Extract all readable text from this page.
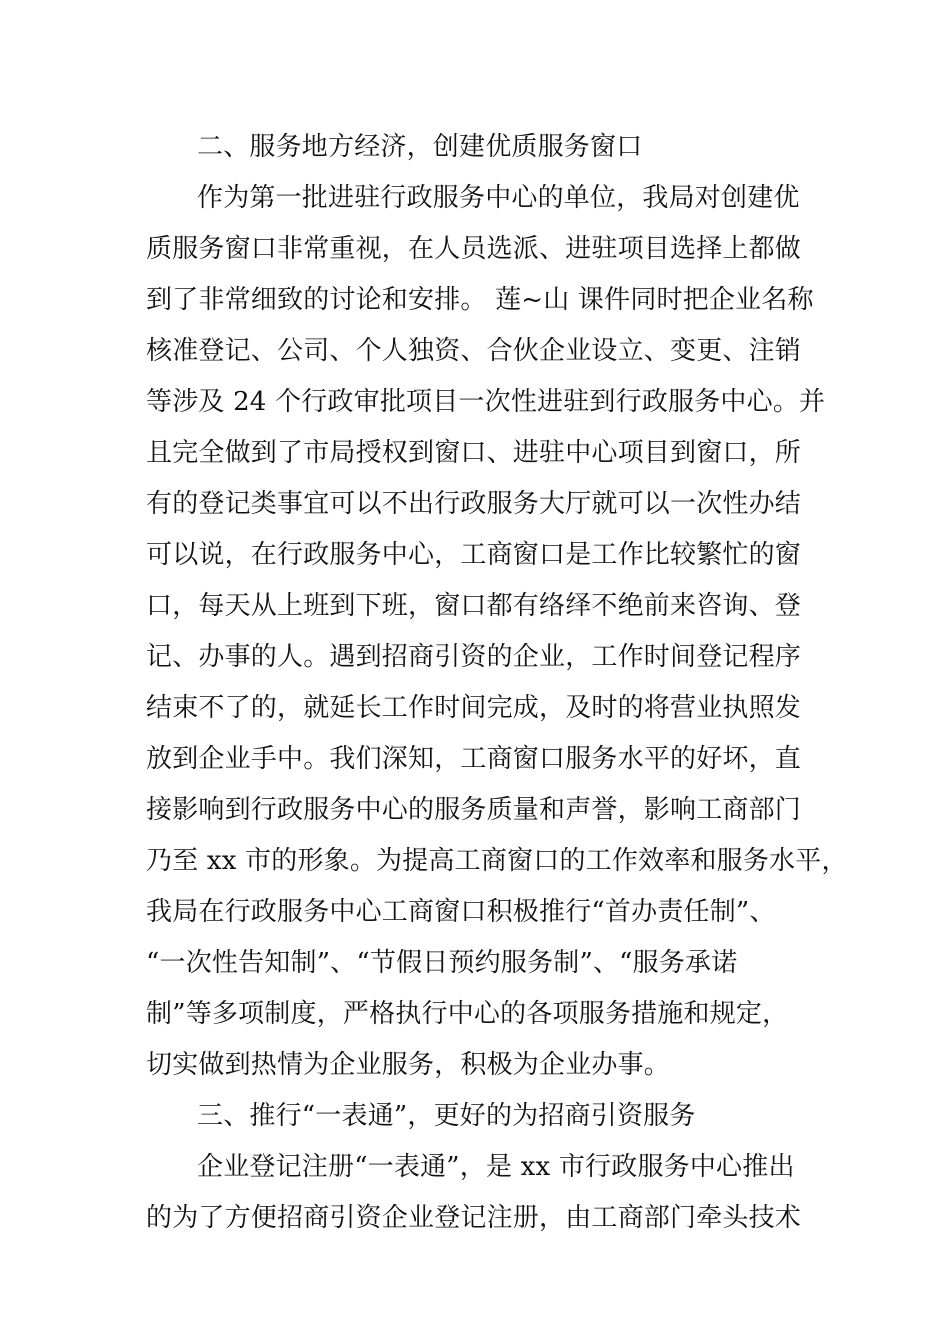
二、服务地方经济，创建优质服务窗口
作为第一批进驻行政服务中心的单位，我局对创建优
质服务窗口非常重视，在人员选派、进驻项目选择上都做
到了非常细致的讨论和安排。 莲~山 课件同时把企业名称
核准登记、公司、个人独资、合伙企业设立、变更、注销
等涉及 24 个行政审批项目一次性进驻到行政服务中心。并
且完全做到了市局授权到窗口、进驻中心项目到窗口，所
有的登记类事宜可以不出行政服务大厅就可以一次性办结
可以说，在行政服务中心，工商窗口是工作比较繁忙的窗
口，每天从上班到下班，窗口都有络绎不绝前来咨询、登
记、办事的人。遇到招商引资的企业，工作时间登记程序
结束不了的，就延长工作时间完成，及时的将营业执照发
放到企业手中。我们深知，工商窗口服务水平的好坏，直
接影响到行政服务中心的服务质量和声誉，影响工商部门
乃至 xx 市的形象。为提高工商窗口的工作效率和服务水平，
我局在行政服务中心工商窗口积极推行“首办责任制”、
“一次性告知制”、“节假日预约服务制”、“服务承诺
制”等多项制度，严格执行中心的各项服务措施和规定，
切实做到热情为企业服务，积极为企业办事。
三、推行“一表通”，更好的为招商引资服务
企业登记注册“一表通”，是 xx 市行政服务中心推出
的为了方便招商引资企业登记注册，由工商部门牵头技术
